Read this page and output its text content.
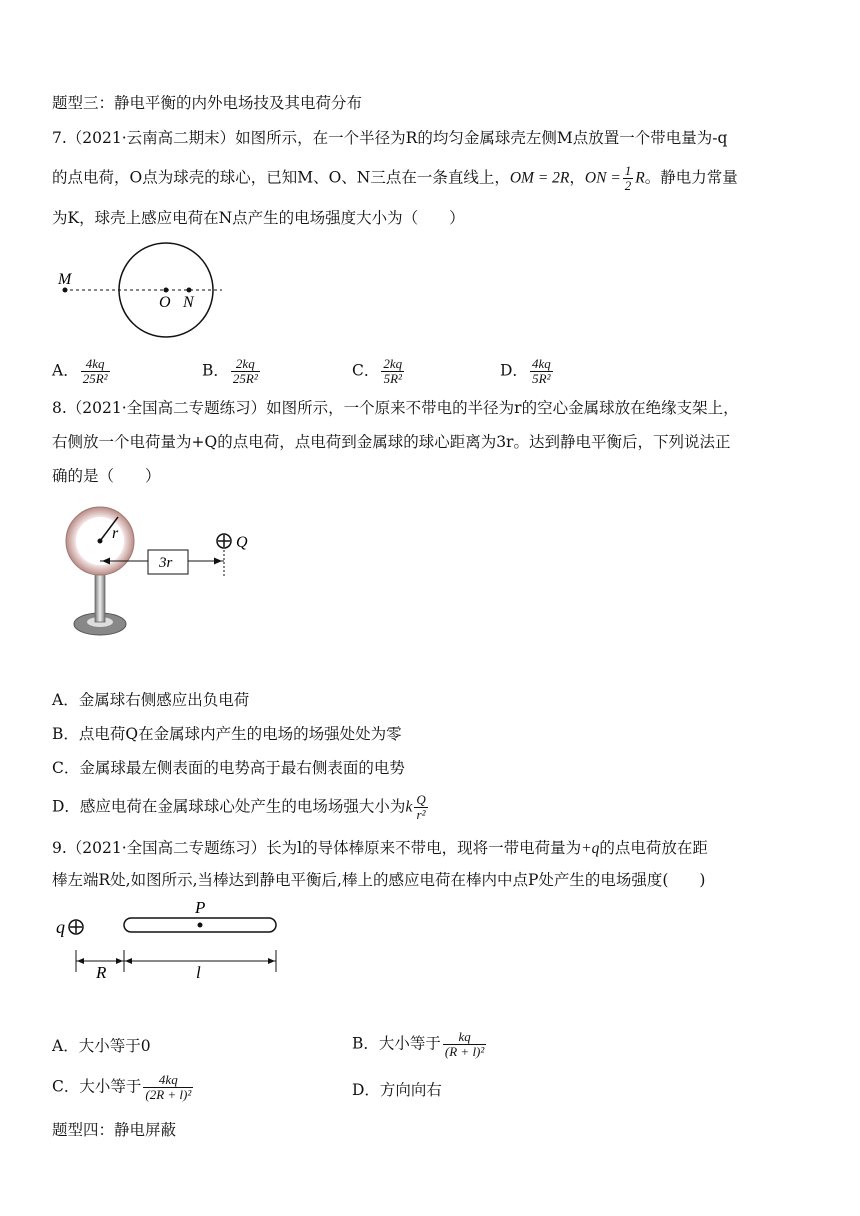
题型三：静电平衡的内外电场技及其电荷分布
7.（2021·云南高二期末）如图所示，在一个半径为R的均匀金属球壳左侧M点放置一个带电量为-q
的点电荷，O点为球壳的球心，已知M、O、N三点在一条直线上，OM = 2R，ON = $\frac{1}{2}$ R。静电力常量
为K，球壳上感应电荷在N点产生的电场强度大小为（　　）
M
O N
A． $\frac{4kq}{\text{25R²}}$	B． $\frac{2kq}{\text{25R²}}$	C． $\frac{2kq}{\text{5R²}}$	D． $\frac{4kq}{\text{5R²}}$
8.（2021·全国高二专题练习）如图所示，一个原来不带电的半径为r的空心金属球放在绝缘支架上，
右侧放一个电荷量为+Q的点电荷，点电荷到金属球的球心距离为3r。达到静电平衡后，下列说法正
确的是（　　）
r
3r
Q
A．金属球右侧感应出负电荷
B．点电荷Q在金属球内产生的电场的场强处处为零
C．金属球最左侧表面的电势高于最右侧表面的电势
D．感应电荷在金属球球心处产生的电场场强大小为k $\frac{Q}{\text{r²}}$
9.（2021·全国高二专题练习）长为l的导体棒原来不带电，现将一带电荷量为+q的点电荷放在距
棒左端R处,如图所示,当棒达到静电平衡后,棒上的感应电荷在棒内中点P处产生的电场强度(　　)
q
P
R	l
A．大小等于0	B．大小等于 $\frac{kq}{\text{(R + l)²}}$
C．大小等于 $\frac{4kq}{\text{(2R + l)²}}$	D．方向向右
题型四：静电屏蔽
